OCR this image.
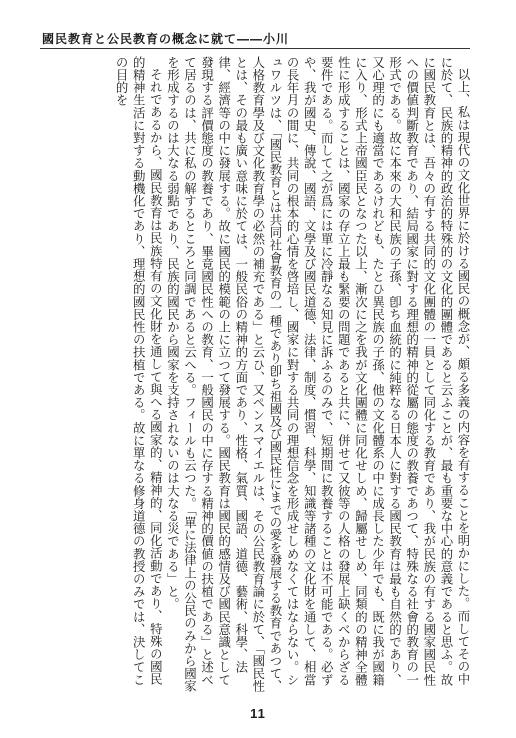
國民教育と公民教育の概念に就て――小川

以上、私は現代の文化世界に於ける國民の概念が、頗る多義の内容を有することを明かにした。而してその中に於て、民族的精神的政治的特殊的の文化的團體であると云ふことが、最も重要な中心的意義であると思ふ。故に國民教育とは、吾々の有する共同的文化團體の一員として同化する教育であり、我が民族の有する國家國民性への價値判斷教育であり、結局國家に對する理想的精神的從屬の態度の教養であつて、特殊なる社會的教育の一形式である。故に本來の大和民族の子孫、卽ち血統的に純粹なる日本人に對する國民教育は最も自然的であり、又心理的にも適當であるけれども、たとひ異民族の子孫、他の文化體系の中に成長した少年でも、既に我が國籍に入り、形式上帝國臣民となつた以上、漸次に之を我が文化團體に同化せしめ、歸屬せしめ、同類的の精神全體性に形成することは、國家の存立上最も緊要の問題であると共に、併せて又彼等の人格の發展上缺くべからざる要件である。而して之が爲には單に冷靜なる知見に訴ふるのみで、短期間に教養することは不可能である。必ずや、我が國史、傳說、國語、文學及び國民道德、法律、制度、慣習、科學、知識等諸種の文化財を通して、相當の長年月の間に、共同の根本的心情を啓培し、國家に對する共同の理想信念を形成せしめなくてはならない。シュワルツは、「國民教育とは共同社會教育の一種であり卽ち祖國及び國民性にまでの愛を發展する教育であつて、人格教育學及び文化教育學の必然の補充である」と云ひ、又ペンスマイエルは、その公民教育論に於て、「國民性とは、その最も廣い意味に於ては、一般民俗の精神的方面であり、性格、氣質、國語、道德、藝術、科學、法律、經濟等の中に發展する。故に國民的模範の上に立つて發展する。國民教育は國民的感情及び國民意識として發現する評價態度の教養であり、畢竟國民性への教育、一般國民の中に存する精神的價値の扶植である」と述べて居るのは、共に私の解するところと同調であると云へる。フィールも云つた。「單に法律上の公民のみから國家を形成するのは大なる弱點であり、民族的國民から國家を支持されないのは大なる災である」と。

それであるから、國民教育は民族特有の文化財を通して與へる國家的、精神的、同化活動であり、特殊の國民的精神生活に對する動機化であり、理想的國民性の扶植である。故に單なる修身道德の教授のみでは、決してこの目的を

11
